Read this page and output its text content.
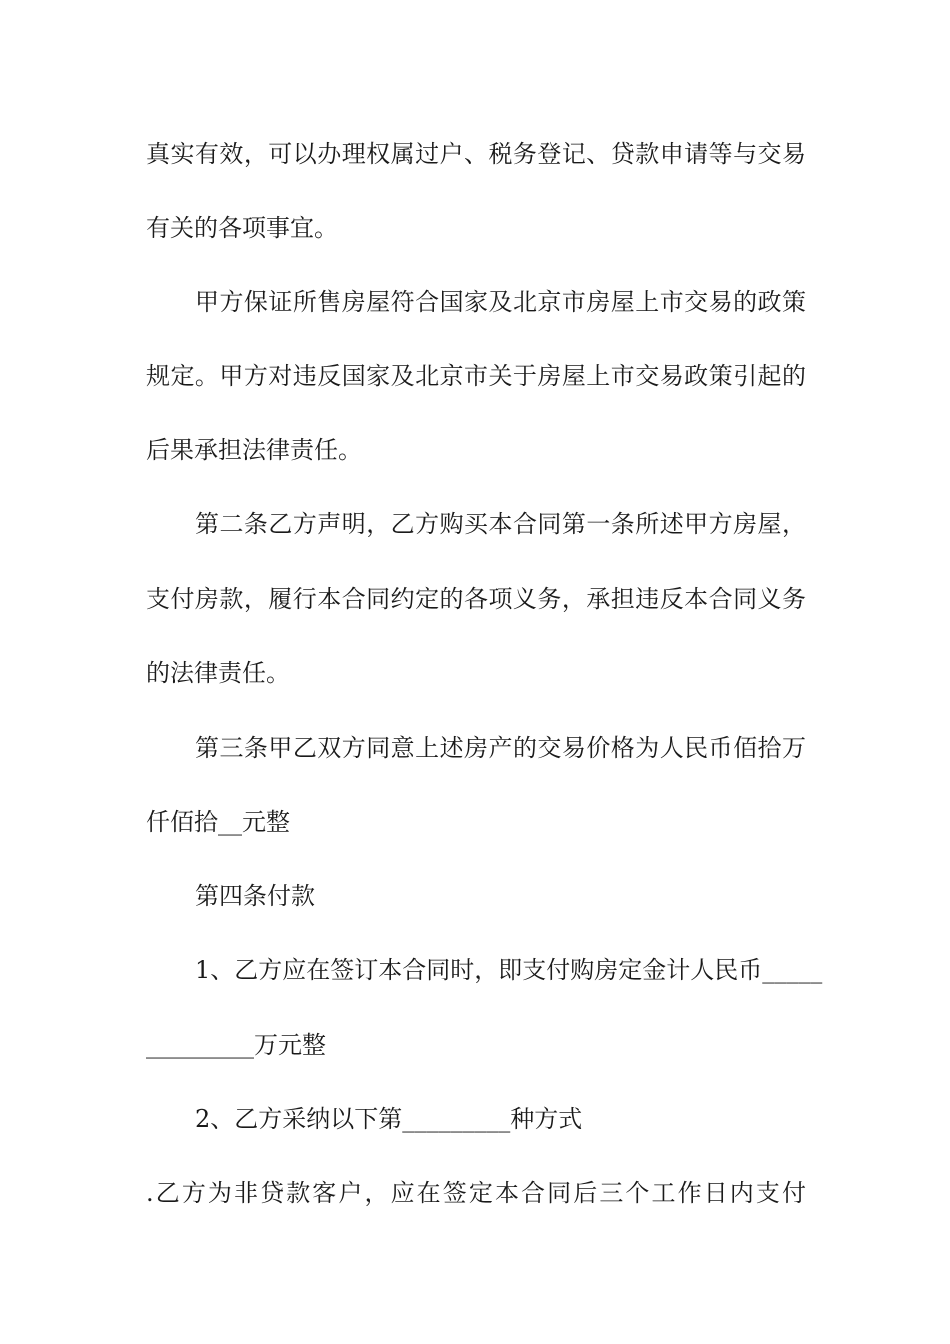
真实有效，可以办理权属过户、税务登记、贷款申请等与交易
有关的各项事宜。
甲方保证所售房屋符合国家及北京市房屋上市交易的政策
规定。甲方对违反国家及北京市关于房屋上市交易政策引起的
后果承担法律责任。
第二条乙方声明，乙方购买本合同第一条所述甲方房屋，
支付房款，履行本合同约定的各项义务，承担违反本合同义务
的法律责任。
第三条甲乙双方同意上述房产的交易价格为人民币佰拾万
仟佰拾__元整
第四条付款
1、乙方应在签订本合同时，即支付购房定金计人民币_____
_________万元整
2、乙方采纳以下第_________种方式
.乙方为非贷款客户，应在签定本合同后三个工作日内支付
